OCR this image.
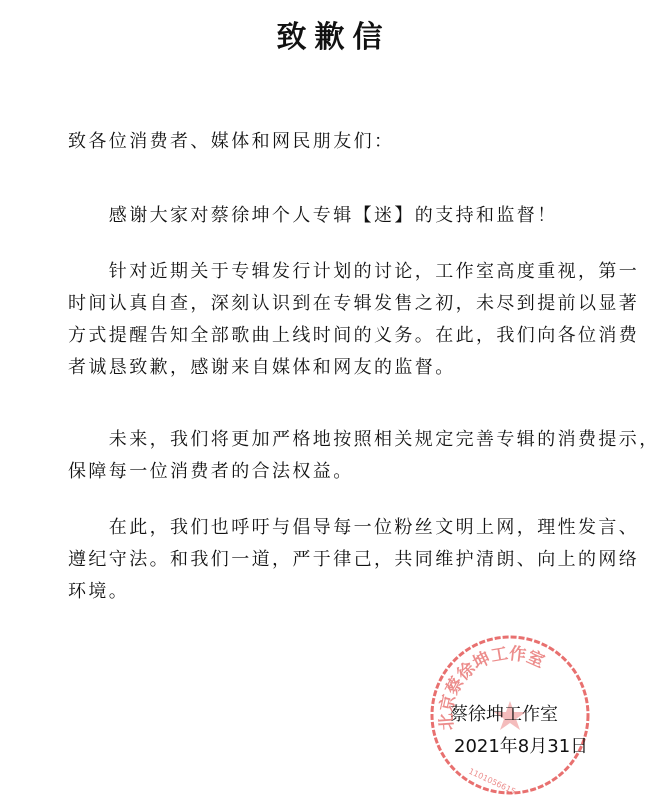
致歉信
致各位消费者、媒体和网民朋友们：
　　感谢大家对蔡徐坤个人专辑【迷】的支持和监督！
　　针对近期关于专辑发行计划的讨论，工作室高度重视，第一
时间认真自查，深刻认识到在专辑发售之初，未尽到提前以显著
方式提醒告知全部歌曲上线时间的义务。在此，我们向各位消费
者诚恳致歉，感谢来自媒体和网友的监督。
　　未来，我们将更加严格地按照相关规定完善专辑的消费提示，
保障每一位消费者的合法权益。
　　在此，我们也呼吁与倡导每一位粉丝文明上网，理性发言、
遵纪守法。和我们一道，严于律己，共同维护清朗、向上的网络
环境。
北京蔡徐坤工作室
1101056615
蔡徐坤工作室
2021年8月31日
